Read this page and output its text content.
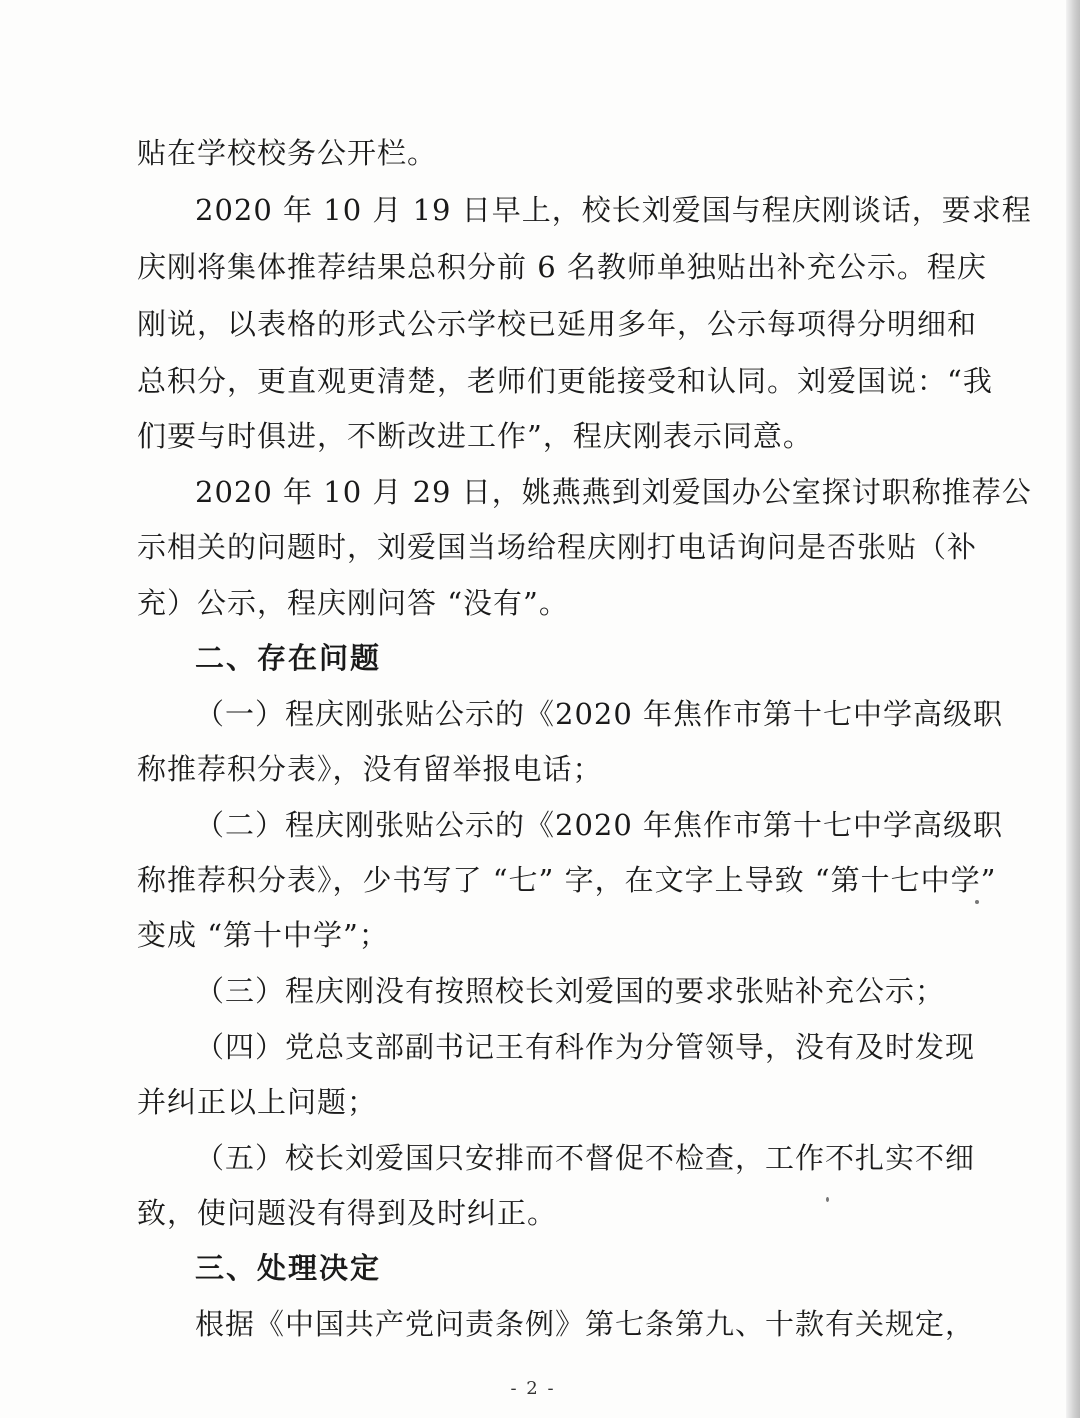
贴在学校校务公开栏。
2020 年 10 月 19 日早上，校长刘爱国与程庆刚谈话，要求程
庆刚将集体推荐结果总积分前 6 名教师单独贴出补充公示。程庆
刚说，以表格的形式公示学校已延用多年，公示每项得分明细和
总积分，更直观更清楚，老师们更能接受和认同。刘爱国说：“我
们要与时俱进，不断改进工作”，程庆刚表示同意。
2020 年 10 月 29 日，姚燕燕到刘爱国办公室探讨职称推荐公
示相关的问题时，刘爱国当场给程庆刚打电话询问是否张贴（补
充）公示，程庆刚问答 “没有”。
二、存在问题
（一）程庆刚张贴公示的《2020 年焦作市第十七中学高级职
称推荐积分表》，没有留举报电话；
（二）程庆刚张贴公示的《2020 年焦作市第十七中学高级职
称推荐积分表》，少书写了 “七” 字，在文字上导致 “第十七中学”
变成 “第十中学”；
（三）程庆刚没有按照校长刘爱国的要求张贴补充公示；
（四）党总支部副书记王有科作为分管领导，没有及时发现
并纠正以上问题；
（五）校长刘爱国只安排而不督促不检查，工作不扎实不细
致，使问题没有得到及时纠正。
三、处理决定
根据《中国共产党问责条例》第七条第九、十款有关规定，
- 2 -
